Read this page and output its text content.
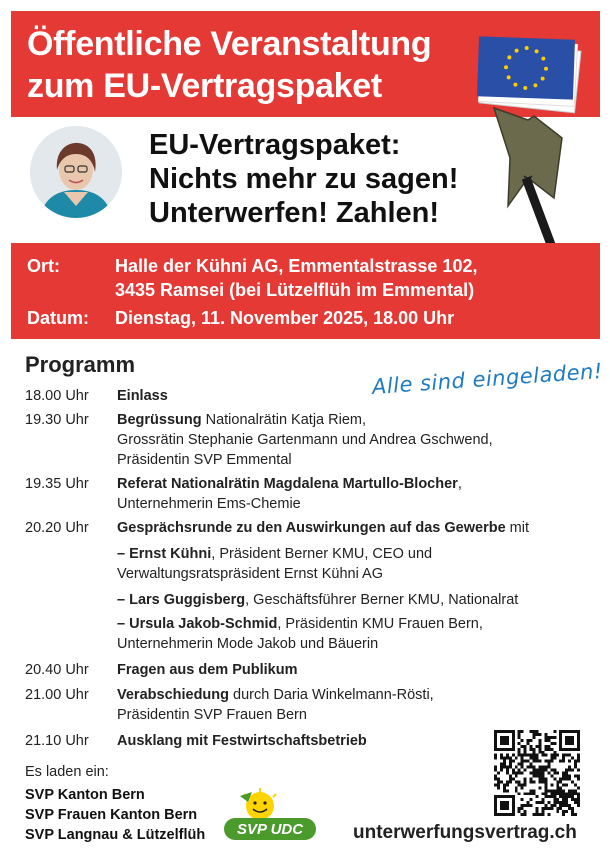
Öffentliche Veranstaltung
zum EU-Vertragspaket
EU-Vertragspaket:
Nichts mehr zu sagen!
Unterwerfen! Zahlen!
Ort:	Halle der Kühni AG, Emmentalstrasse 102,
3435 Ramsei (bei Lützelflüh im Emmental)
Datum: Dienstag, 11. November 2025, 18.00 Uhr
Programm	Alle sind eingeladen!
18.00 Uhr	Einlass
19.30 Uhr	Begrüssung Nationalrätin Katja Riem,
Grossrätin Stephanie Gartenmann und Andrea Gschwend,
Präsidentin SVP Emmental
19.35 Uhr	Referat Nationalrätin Magdalena Martullo-Blocher,
Unternehmerin Ems-Chemie
20.20 Uhr	Gesprächsrunde zu den Auswirkungen auf das Gewerbe mit
– Ernst Kühni, Präsident Berner KMU, CEO und
Verwaltungsratspräsident Ernst Kühni AG
– Lars Guggisberg, Geschäftsführer Berner KMU, Nationalrat
– Ursula Jakob-Schmid, Präsidentin KMU Frauen Bern,
Unternehmerin Mode Jakob und Bäuerin
20.40 Uhr	Fragen aus dem Publikum
21.00 Uhr	Verabschiedung durch Daria Winkelmann-Rösti,
Präsidentin SVP Frauen Bern
21.10 Uhr	Ausklang mit Festwirtschaftsbetrieb
Es laden ein:
SVP Kanton Bern
SVP Frauen Kanton Bern
SVP Langnau & Lützelflüh SVP UDC	unterwerfungsvertrag.ch
